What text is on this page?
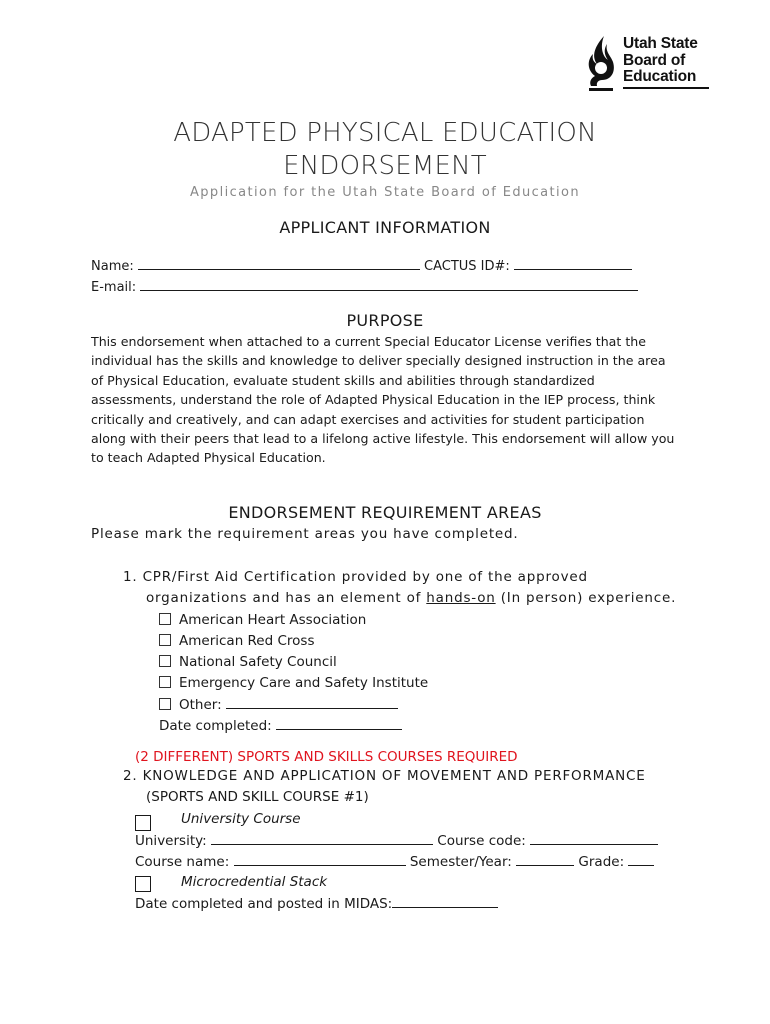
Utah State
Board of
Education
ADAPTED PHYSICAL EDUCATION
ENDORSEMENT
Application for the Utah State Board of Education
APPLICANT INFORMATION
Name:	CACTUS ID#:
E-mail:
PURPOSE
This endorsement when attached to a current Special Educator License verifies that the
individual has the skills and knowledge to deliver specially designed instruction in the area
of Physical Education, evaluate student skills and abilities through standardized
assessments, understand the role of Adapted Physical Education in the IEP process, think
critically and creatively, and can adapt exercises and activities for student participation
along with their peers that lead to a lifelong active lifestyle. This endorsement will allow you
to teach Adapted Physical Education.
ENDORSEMENT REQUIREMENT AREAS
Please mark the requirement areas you have completed.
1. CPR/First Aid Certification provided by one of the approved
organizations and has an element of hands-on (In person) experience.
American Heart Association
American Red Cross
National Safety Council
Emergency Care and Safety Institute
Other:
Date completed:
(2 DIFFERENT) SPORTS AND SKILLS COURSES REQUIRED
2. KNOWLEDGE AND APPLICATION OF MOVEMENT AND PERFORMANCE
(SPORTS AND SKILL COURSE #1)
University Course
University:	Course code:
Course name:	Semester/Year:	Grade:
Microcredential Stack
Date completed and posted in MIDAS:
